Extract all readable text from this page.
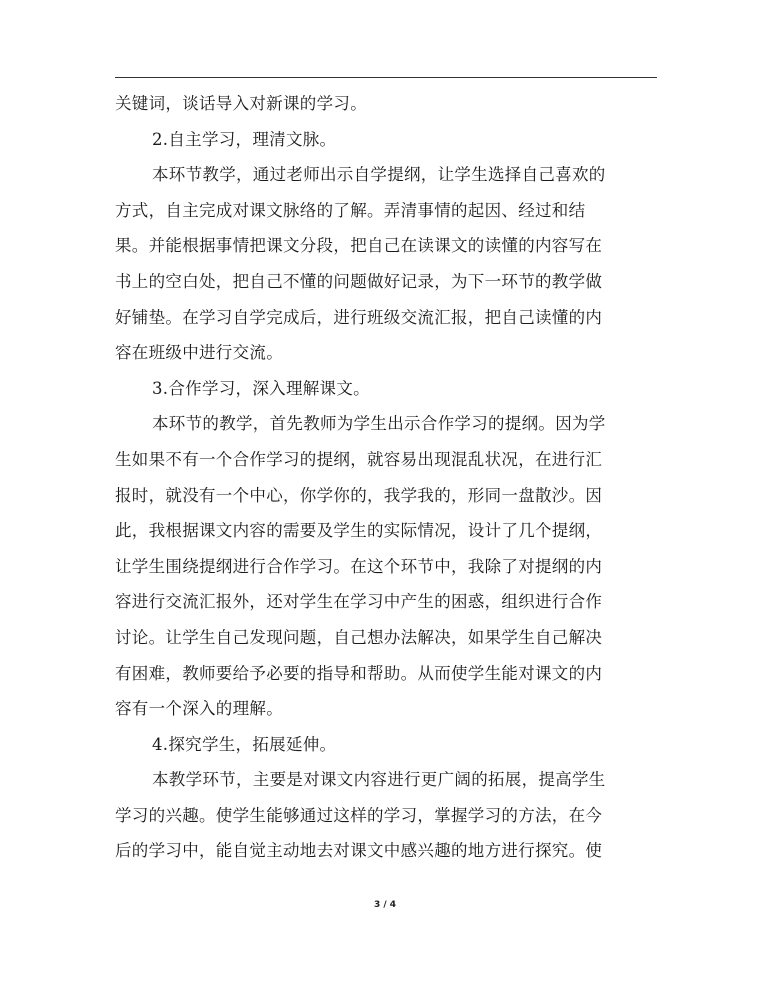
关键词，谈话导入对新课的学习。
2.自主学习，理清文脉。
本环节教学，通过老师出示自学提纲，让学生选择自己喜欢的
方式，自主完成对课文脉络的了解。弄清事情的起因、经过和结
果。并能根据事情把课文分段，把自己在读课文的读懂的内容写在
书上的空白处，把自己不懂的问题做好记录，为下一环节的教学做
好铺垫。在学习自学完成后，进行班级交流汇报，把自己读懂的内
容在班级中进行交流。
3.合作学习，深入理解课文。
本环节的教学，首先教师为学生出示合作学习的提纲。因为学
生如果不有一个合作学习的提纲，就容易出现混乱状况，在进行汇
报时，就没有一个中心，你学你的，我学我的，形同一盘散沙。因
此，我根据课文内容的需要及学生的实际情况，设计了几个提纲，
让学生围绕提纲进行合作学习。在这个环节中，我除了对提纲的内
容进行交流汇报外，还对学生在学习中产生的困惑，组织进行合作
讨论。让学生自己发现问题，自己想办法解决，如果学生自己解决
有困难，教师要给予必要的指导和帮助。从而使学生能对课文的内
容有一个深入的理解。
4.探究学生，拓展延伸。
本教学环节，主要是对课文内容进行更广阔的拓展，提高学生
学习的兴趣。使学生能够通过这样的学习，掌握学习的方法，在今
后的学习中，能自觉主动地去对课文中感兴趣的地方进行探究。使
3 / 4
